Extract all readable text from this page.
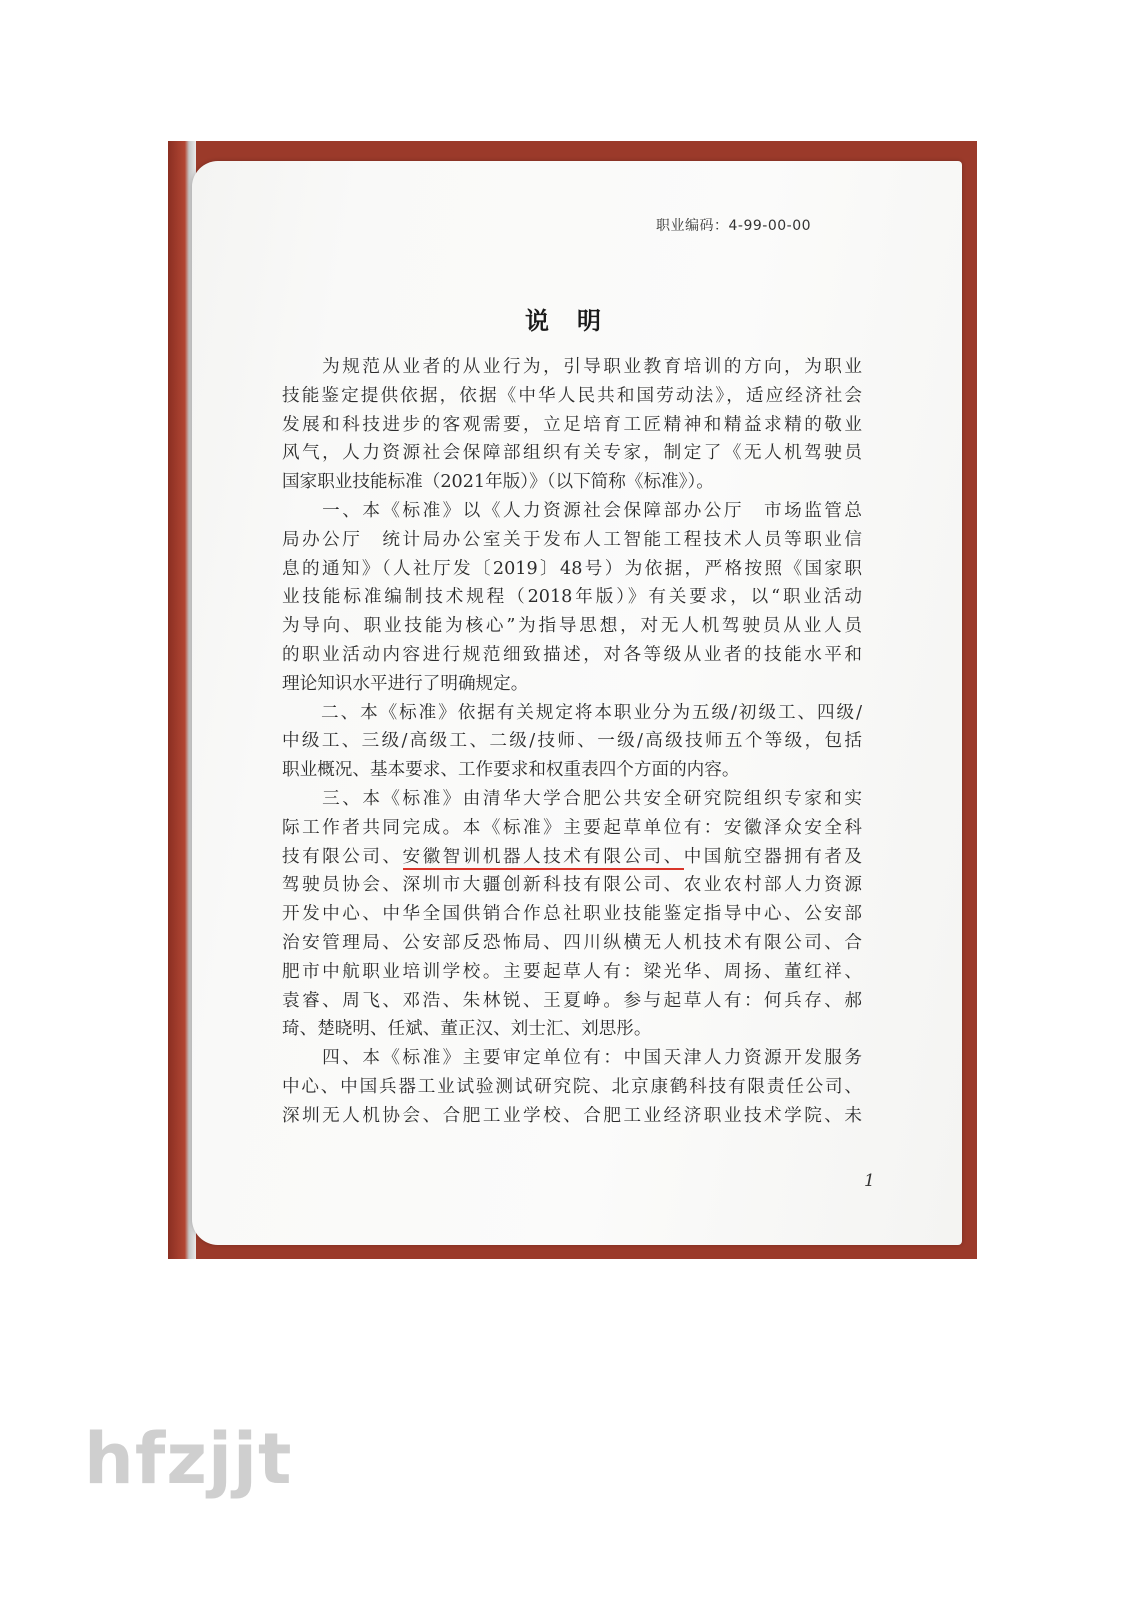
职业编码：4-99-00-00
说明
　　为规范从业者的从业行为，引导职业教育培训的方向，为职业
技能鉴定提供依据，依据《中华人民共和国劳动法》，适应经济社会
发展和科技进步的客观需要，立足培育工匠精神和精益求精的敬业
风气，人力资源社会保障部组织有关专家，制定了《无人机驾驶员
国家职业技能标准（2021年版）》（以下简称《标准》）。
　　一、本《标准》以《人力资源社会保障部办公厅　市场监管总
局办公厅　统计局办公室关于发布人工智能工程技术人员等职业信
息的通知》（人社厅发〔2019〕48号）为依据，严格按照《国家职
业技能标准编制技术规程（2018年版）》有关要求，以“职业活动
为导向、职业技能为核心”为指导思想，对无人机驾驶员从业人员
的职业活动内容进行规范细致描述，对各等级从业者的技能水平和
理论知识水平进行了明确规定。
　　二、本《标准》依据有关规定将本职业分为五级/初级工、四级/
中级工、三级/高级工、二级/技师、一级/高级技师五个等级，包括
职业概况、基本要求、工作要求和权重表四个方面的内容。
　　三、本《标准》由清华大学合肥公共安全研究院组织专家和实
际工作者共同完成。本《标准》主要起草单位有：安徽泽众安全科
技有限公司、安徽智训机器人技术有限公司、中国航空器拥有者及
驾驶员协会、深圳市大疆创新科技有限公司、农业农村部人力资源
开发中心、中华全国供销合作总社职业技能鉴定指导中心、公安部
治安管理局、公安部反恐怖局、四川纵横无人机技术有限公司、合
肥市中航职业培训学校。主要起草人有：梁光华、周扬、董红祥、
袁睿、周飞、邓浩、朱林锐、王夏峥。参与起草人有：何兵存、郝
琦、楚晓明、任斌、董正汉、刘士汇、刘思彤。
　　四、本《标准》主要审定单位有：中国天津人力资源开发服务
中心、中国兵器工业试验测试研究院、北京康鹤科技有限责任公司、
深圳无人机协会、合肥工业学校、合肥工业经济职业技术学院、未
1
hfzjjt
